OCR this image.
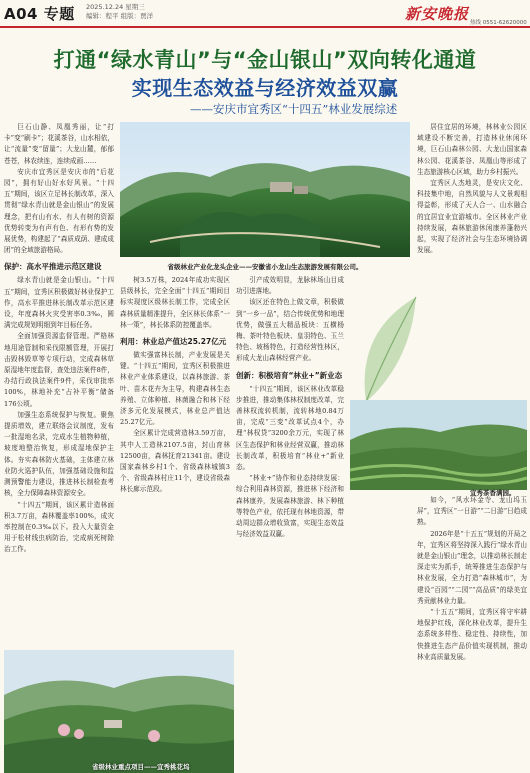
A04 专题 2025.12.24 星期三
编辑：程平 组版：贾洋	新安晚报 热线 0551-62620000
打通“绿水青山”与“金山银山”双向转化通道
实现生态效益与经济效益双赢
——安庆市宜秀区“十四五”林业发展综述

巨石山静、凤凰秀丽，让“打卡”变“刷卡”；花溪茶谷，山水相依，让“流量”变“留量”；大龙山麓，郁郁苍苍，林农续连，连续成画……

安庆市宜秀区是安庆市的“后花园”，拥有好山好水好风景。“十四五”期间，该区立足林长制改革，深入贯彻“绿水青山就是金山银山”的发展理念，把有山有水、有人有树的资源优势转变为有声有色、有形有势的发展优势，构建起了“森质成荫、建成成团”的全域旅游格局。

保护：高水平推进示范区建设

绿水青山就是金山银山。“十四五”期间，宜秀区积极做好林业保护工作，高水平推进林长制改革示范区建设，年度森林火灾受害率0.3‰，圆满完成规划明细到年目标任务。

全面加强资源监督管理。严格林地用途管制和采伐限额管理，开展打击毁林毁草等专项行动，完成森林草原湿地年度监督，查处违法案件8件，办结行政执法案件9件，采伐审批率100%，林地补充“占补平衡”储备176公顷。

加强生态系统保护与恢复。聚焦提质增效，建立联络会议制度，发布一批湿地名录，完成水生植物种植，坡度地整治恢复，形成湿地保护主体。夯实森林防火基础，主体建立林业防火巡护队伍，加强基础设施和监测预警能力建设，推进林长制检查考核，全力保障森林资源安全。

“十四五”期间，该区累计造林面积3.7万亩，森林覆盖率100%，成灾率控制在0.3‰以下。投入大量资金用于松材线虫病防治，完成病死树除治工作。

省级林业产业化龙头企业——安徽省小龙山生态旅游发展有限公司。

树3.5万株，2024年成功实现区县级林长，完全全面“十四五”期间目标实现度区级林长制工作，完成全区森林质量精准提升，全区林长体系“一林一策”，林长体系防控覆盖率。

利用：林业总产值达25.27亿元

做实强富林长制，产业发展是关键。“十四五”期间，宜秀区积极推进林业产业体系建设，以森林旅游、茶叶、苗木花卉为主导，构建森林生态养殖、立体种植、林菌融合和林下经济多元化发展模式，林业总产值达25.27亿元。

全区累计完成营造林3.59万亩，其中人工造林2107.5亩，封山育林12500亩，森林抚育21341亩。建设国家森林乡村1个、省级森林城镇3个、省级森林村庄11个，建设省级森林长廊示范段。

引产成效明显，龙脉林场山目成功引进落地。

该区还在特色上做文章，积极做到“一乡一品”，结合传统优势和地理优势，做强五大精品板块：五横杨梅、茶叶特色板块、皇羽特色、玉兰特色、坡杨特色，打造经营性林区，形成大龙山森林经营产业。

创新：积极培育“林业+”新业态

“十四五”期间，该区林业改革稳步推进，推动集体林权制度改革，完善林权流转机制，流转林地0.84万亩，完成“三变”改革试点4个，办理“林权贷”3200余万元，实现了林区生态保护和林业经营双赢，推动林长制改革，积极培育“林业+”新业态。

“林业+”协作和业态持续发展：综合利用森林资源，推进林下经济和森林康养，发展森林旅游、林下种植等特色产业，依托现有林地资源，带动周边群众增收致富，实现生态效益与经济效益双赢。

居住宜居的环境，林林业公园区域建设不断完善，打造林业休闲环境，巨石山森林公园、大龙山国家森林公园、花溪茶谷、凤凰山等形成了生态旅游核心区域，助力乡村振兴。

宜秀区人杰地灵，是安庆文化、科技集中地，自然风貌与人文景观相得益彰，形成了天人合一、山水融合的宜居宜业宜游城市。全区林业产业持续发展，森林旅游休闲康养蓬勃兴起，实现了经济社会与生态环境协调发展。

宜秀茶香满园。

如今，“风水环金寺、龙山坞玉屏”，宜秀区“一日游”“二日游”日趋成熟。

2026年是“十五五”规划的开局之年，宜秀区将坚持深入践行“绿水青山就是金山银山”理念，以推动林长制走深走实为抓手，统筹推进生态保护与林业发展，全力打造“森林城市”，为建设“百园”“二园”“高品质”的绿美宜秀贡献林业力量。

“十五五”期间，宜秀区将守牢耕地保护红线，深化林业改革，提升生态系统多样性、稳定性、持续性，加快推进生态产品价值实现机制，推动林业高质量发展。

省级林业重点项目——宜秀桃花坞
